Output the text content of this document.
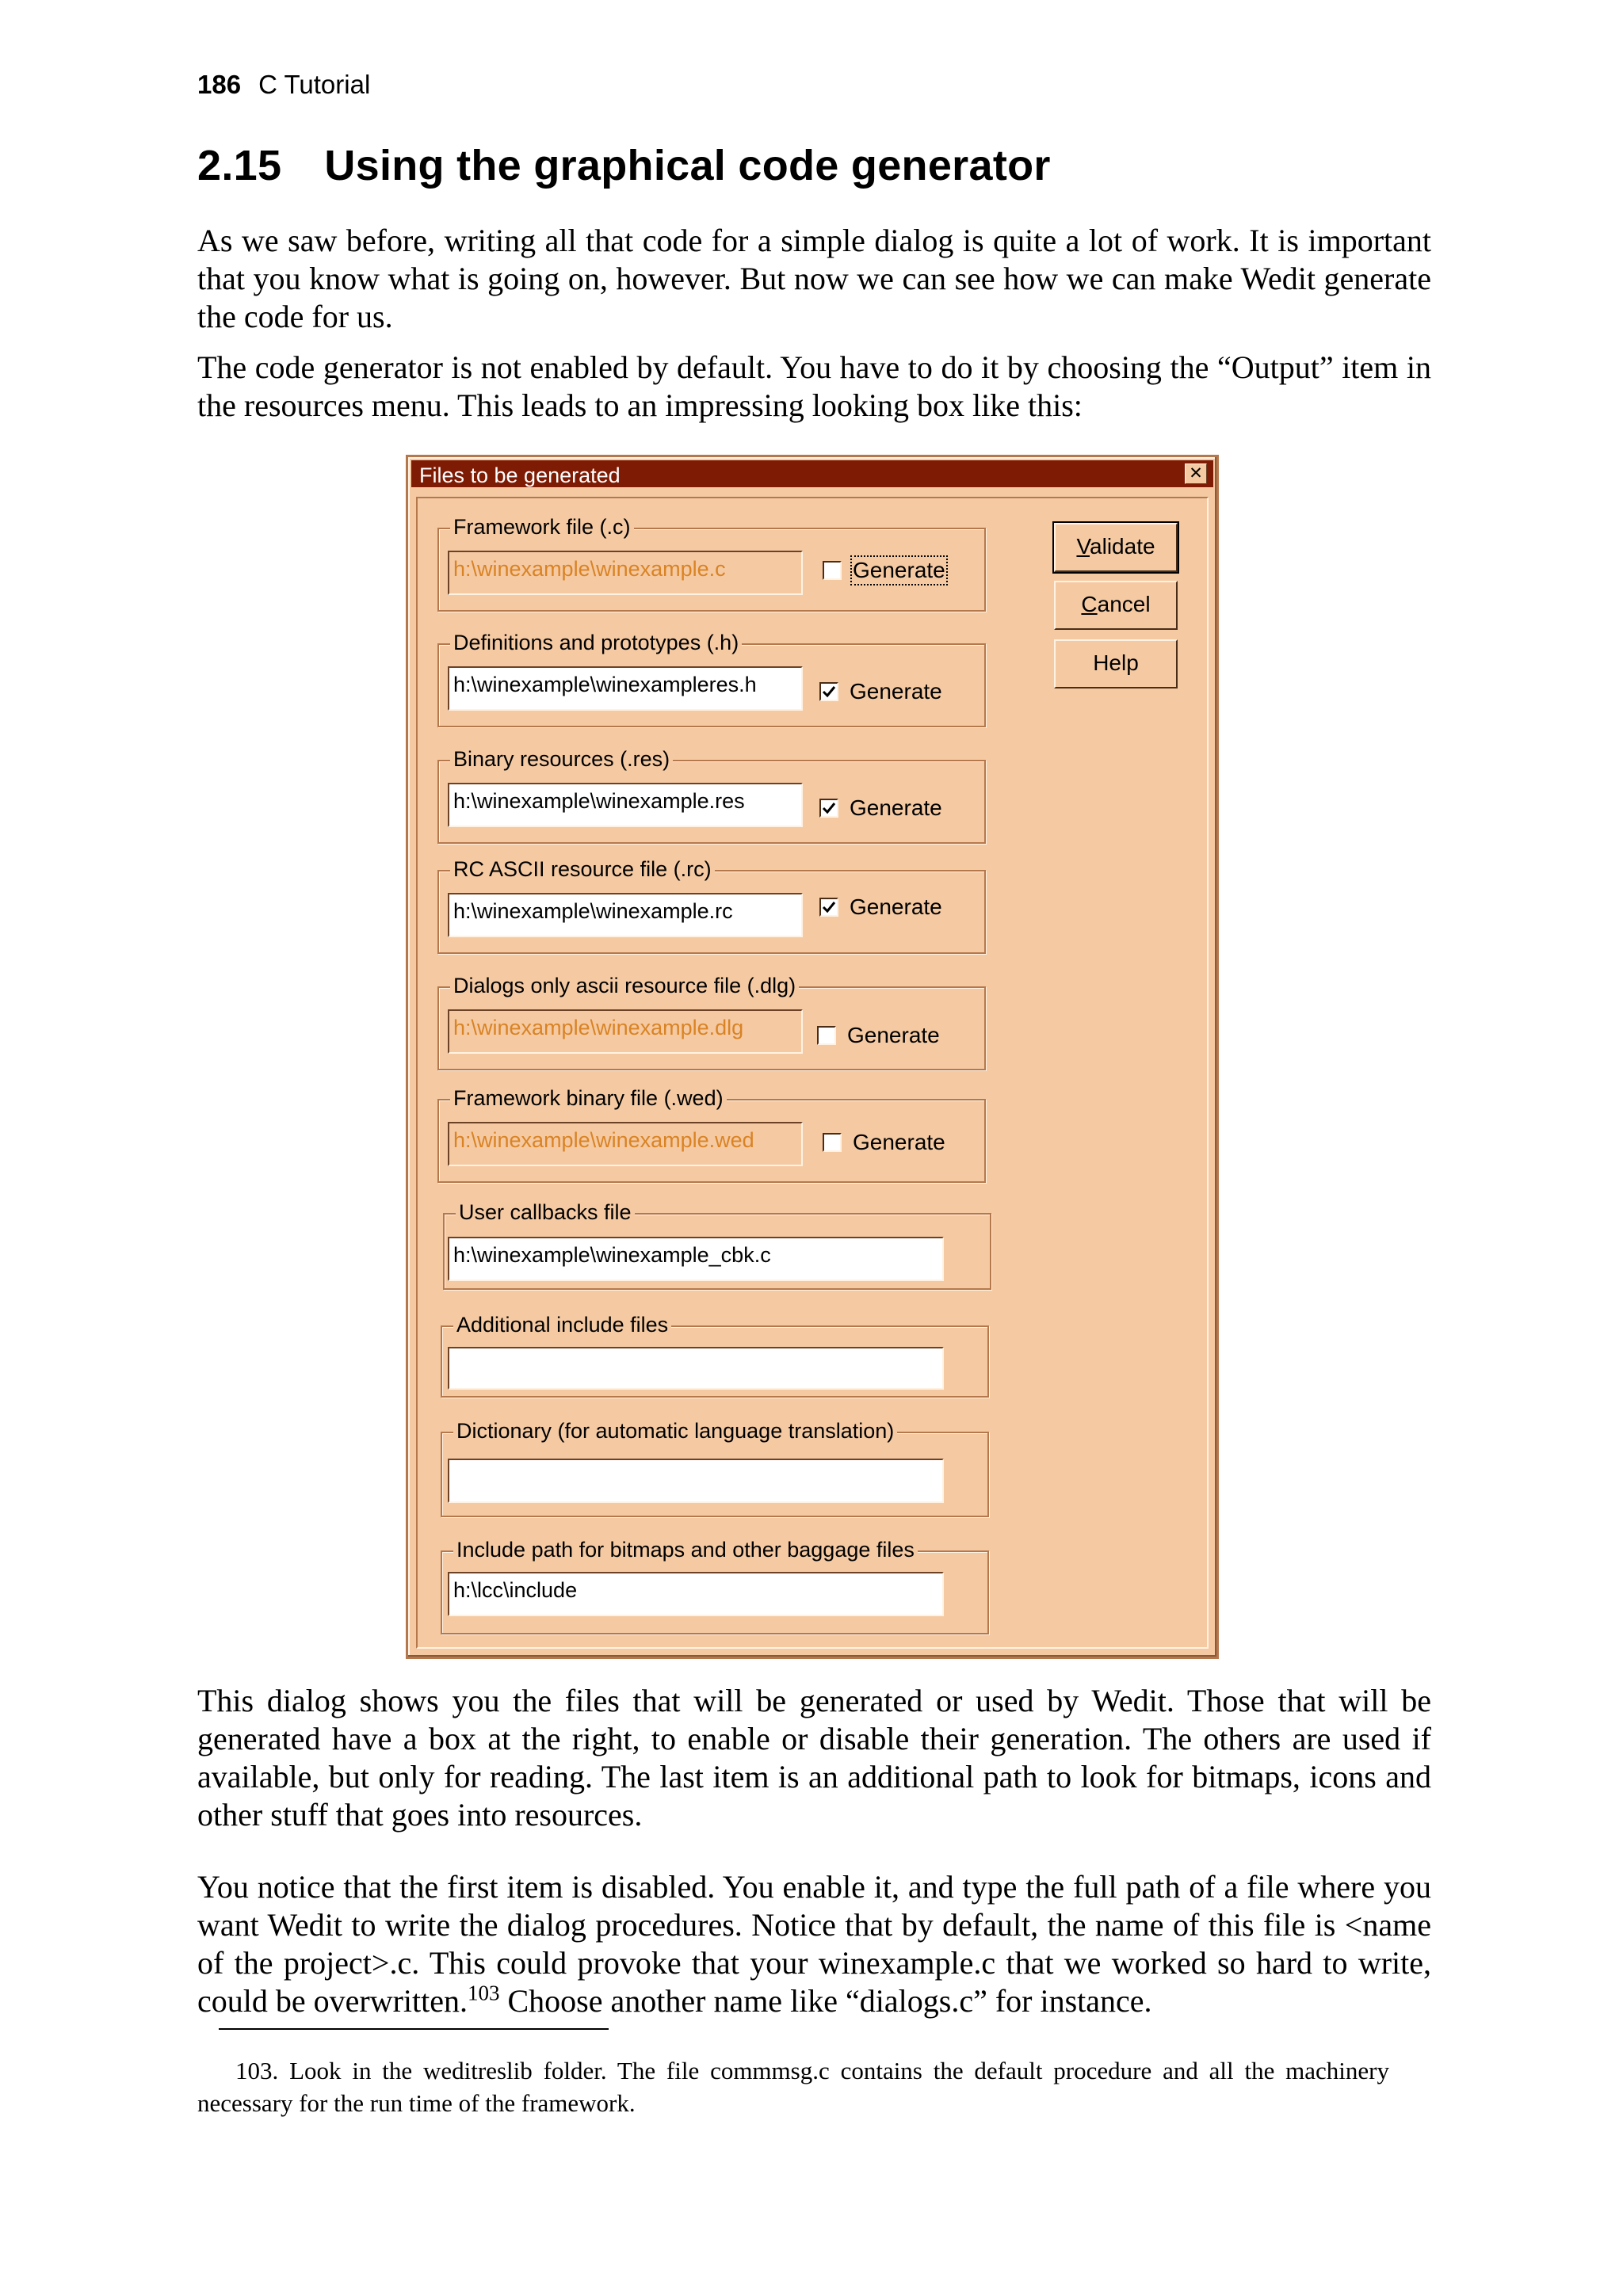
186 C Tutorial
2.15 Using the graphical code generator

As we saw before, writing all that code for a simple dialog is quite a lot of work. It is important that you know what is going on, however. But now we can see how we can make Wedit generate the code for us.

The code generator is not enabled by default. You have to do it by choosing the “Output” item in the resources menu. This leads to an impressing looking box like this:

Files to be generated	✕
Framework file (.c)
h:\winexample\winexample.c	Generate
Definitions and prototypes (.h)
h:\winexample\winexampleres.h	Generate
Binary resources (.res)
h:\winexample\winexample.res	Generate
RC ASCII resource file (.rc)
h:\winexample\winexample.rc	Generate
Dialogs only ascii resource file (.dlg)
h:\winexample\winexample.dlg	Generate
Framework binary file (.wed)
h:\winexample\winexample.wed	Generate
User callbacks file
h:\winexample\winexample_cbk.c
Additional include files
Dictionary (for automatic language translation)
Include path for bitmaps and other baggage files
h:\lcc\include
Validate
Cancel
Help

This dialog shows you the files that will be generated or used by Wedit. Those that will be generated have a box at the right, to enable or disable their generation. The others are used if available, but only for reading. The last item is an additional path to look for bitmaps, icons and other stuff that goes into resources.

You notice that the first item is disabled. You enable it, and type the full path of a file where you want Wedit to write the dialog procedures. Notice that by default, the name of this file is <name of the project>.c. This could provoke that your winexample.c that we worked so hard to write, could be overwritten.$^{103}$ Choose another name like “dialogs.c” for instance.

103. Look in the weditreslib folder. The file commmsg.c contains the default procedure and all the machinery necessary for the run time of the framework.
